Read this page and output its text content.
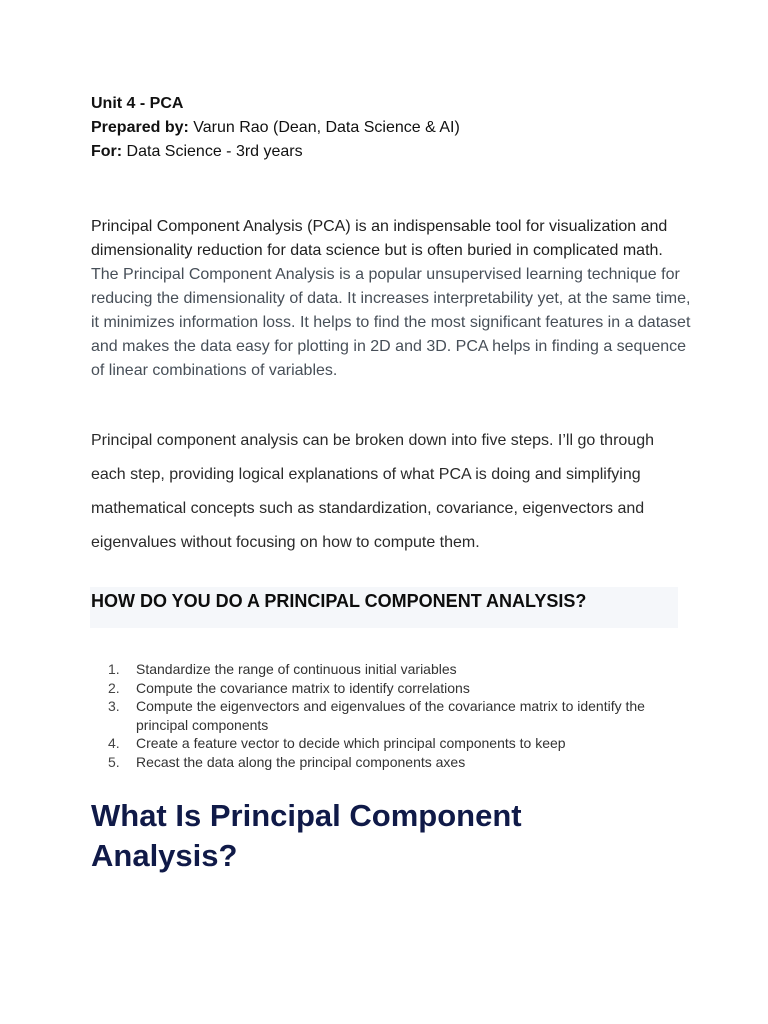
Unit 4 - PCA
Prepared by: Varun Rao (Dean, Data Science & AI)
For: Data Science - 3rd years

Principal Component Analysis (PCA) is an indispensable tool for visualization and dimensionality reduction for data science but is often buried in complicated math. The Principal Component Analysis is a popular unsupervised learning technique for reducing the dimensionality of data. It increases interpretability yet, at the same time, it minimizes information loss. It helps to find the most significant features in a dataset and makes the data easy for plotting in 2D and 3D. PCA helps in finding a sequence of linear combinations of variables.

Principal component analysis can be broken down into five steps. I’ll go through each step, providing logical explanations of what PCA is doing and simplifying mathematical concepts such as standardization, covariance, eigenvectors and eigenvalues without focusing on how to compute them.

HOW DO YOU DO A PRINCIPAL COMPONENT ANALYSIS?
1.	Standardize the range of continuous initial variables
2.	Compute the covariance matrix to identify correlations
3.	Compute the eigenvectors and eigenvalues of the covariance matrix to identify the principal components
4.	Create a feature vector to decide which principal components to keep
5.	Recast the data along the principal components axes
What Is Principal Component Analysis?
